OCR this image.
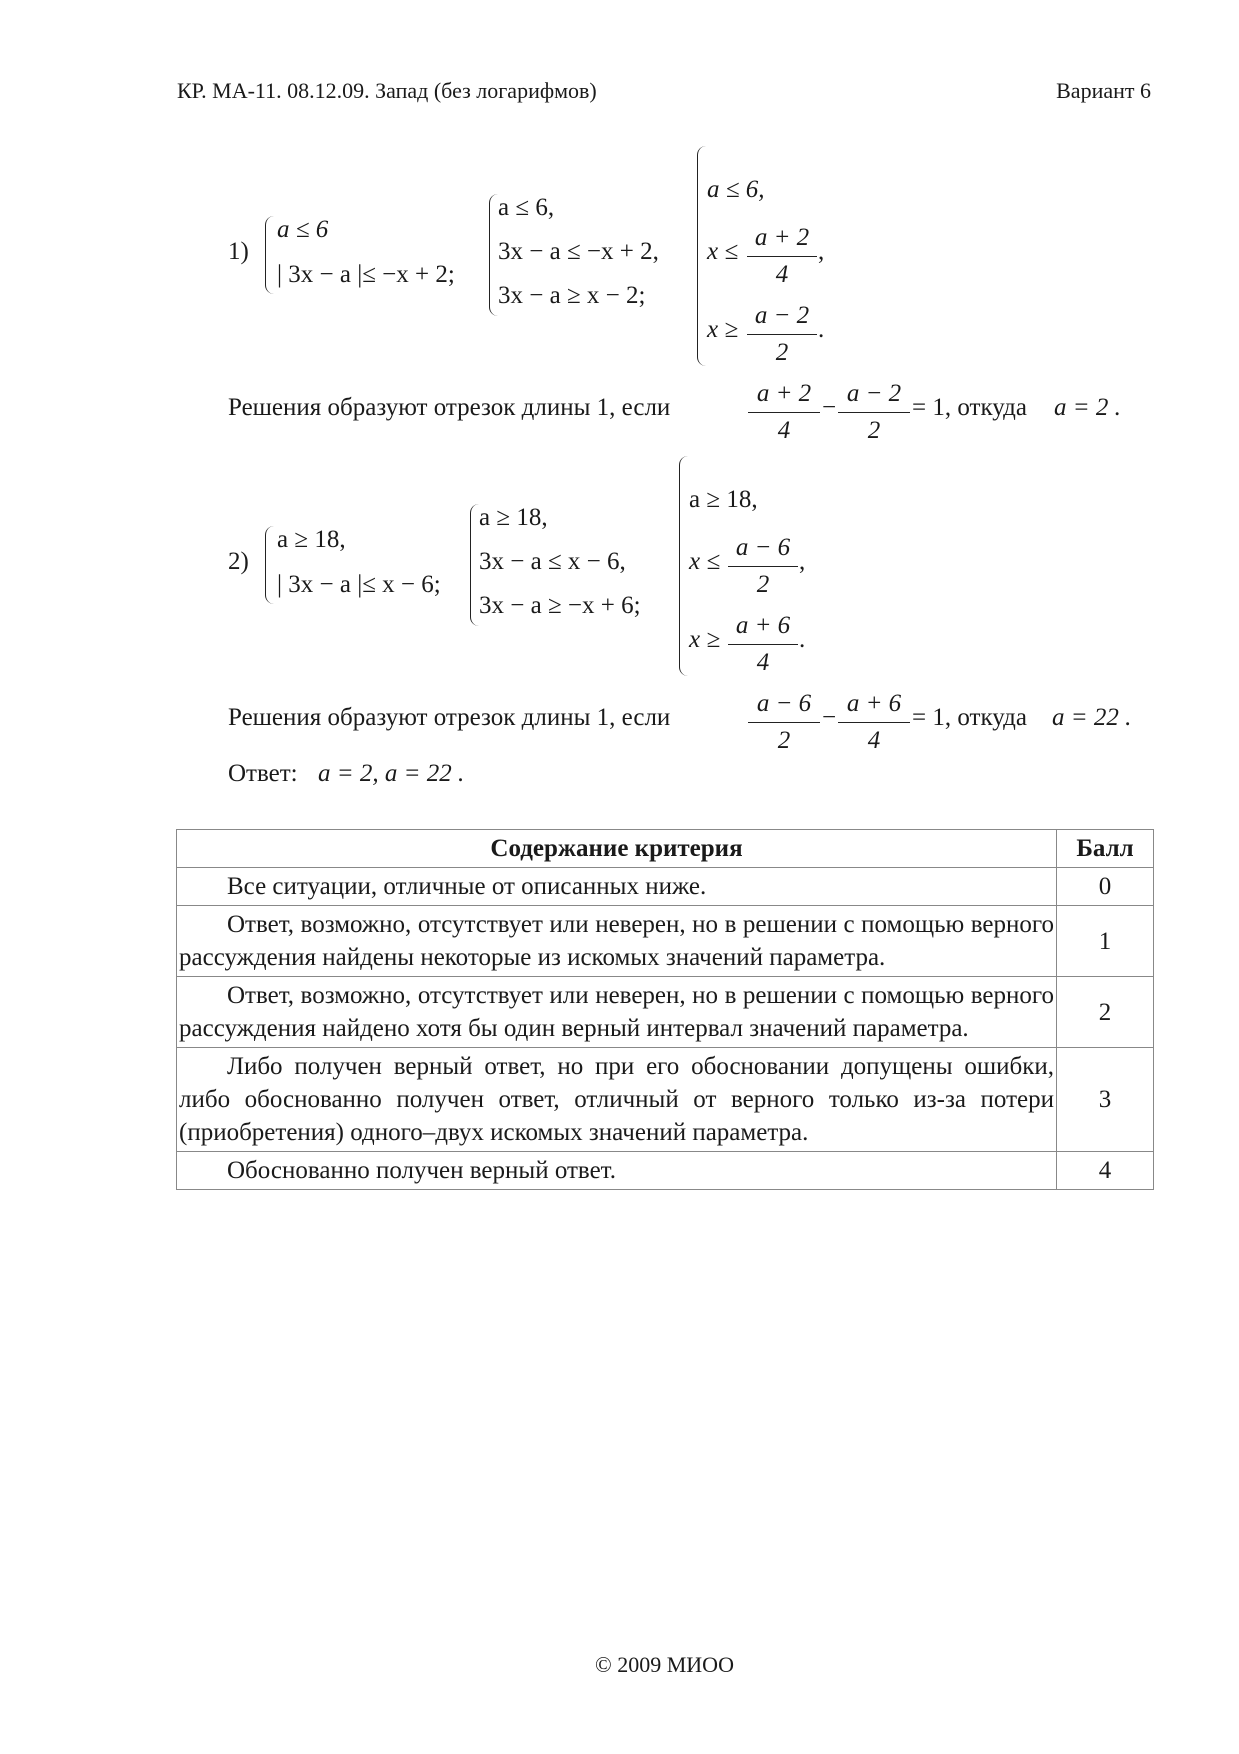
КР. МА-11. 08.12.09. Запад (без логарифмов)	Вариант 6
1)
a ≤ 6
| 3x − a |≤ −x + 2;
a ≤ 6,
3x − a ≤ −x + 2,
3x − a ≥ x − 2;
a ≤ 6,
$x \le \frac{a + 2}{4}$ ,
$x \ge \frac{a - 2}{2}$ .
Решения образуют отрезок длины 1, если	$\frac{a + 2}{4} - \frac{a - 2}{2} = 1$, откуда a = 2 .
2)
a ≥ 18,
| 3x − a |≤ x − 6;
a ≥ 18,
3x − a ≤ x − 6,
3x − a ≥ −x + 6;
a ≥ 18,
$x \le \frac{a - 6}{2}$ ,
$x \ge \frac{a + 6}{4}$ .
Решения образуют отрезок длины 1, если	$\frac{a - 6}{2} - \frac{a + 6}{4} = 1$, откуда a = 22 .
Ответ: a = 2, a = 22 .
Содержание критерия	Балл
Все ситуации, отличные от описанных ниже.	0
Ответ, возможно, отсутствует или неверен, но в решении с помощью верного рассуждения найдены некоторые из искомых значений параметра.	1
Ответ, возможно, отсутствует или неверен, но в решении с помощью верного рассуждения найдено хотя бы один верный интервал значений параметра.	2
Либо получен верный ответ, но при его обосновании допущены ошибки, либо обоснованно получен ответ, отличный от верного только из-за потери (приобретения) одного–двух искомых значений параметра.	3
Обоснованно получен верный ответ.	4
© 2009 МИОО
